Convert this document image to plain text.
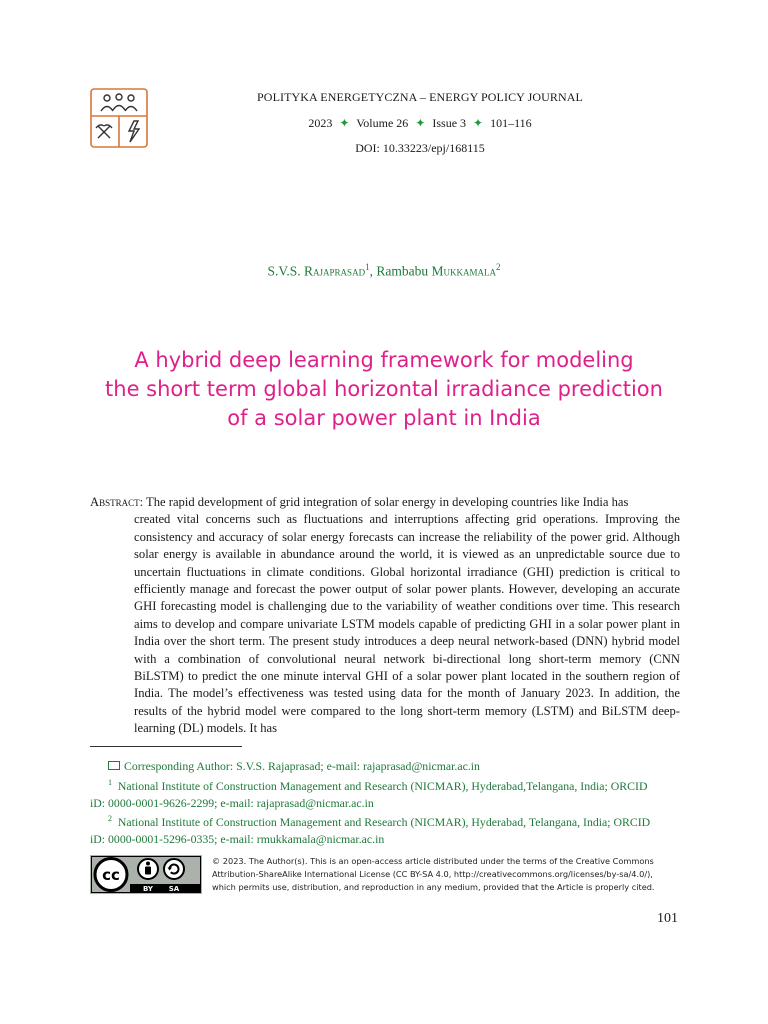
POLITYKA ENERGETYCZNA – ENERGY POLICY JOURNAL
2023 ✦ Volume 26 ✦ Issue 3 ✦ 101–116
DOI: 10.33223/epj/168115
S.V.S. Rajaprasad$^1$, Rambabu Mukkamala$^2$
A hybrid deep learning framework for modeling
the short term global horizontal irradiance prediction
of a solar power plant in India
Abstract: The rapid development of grid integration of solar energy in developing countries like India has
created vital concerns such as fluctuations and interruptions affecting grid operations. Improving the consistency and accuracy of solar energy forecasts can increase the reliability of the power grid. Although solar energy is available in abundance around the world, it is viewed as an unpredictable source due to uncertain fluctuations in climate conditions. Global horizontal irradiance (GHI) prediction is critical to efficiently manage and forecast the power output of solar power plants. However, developing an accurate GHI forecasting model is challenging due to the variability of weather conditions over time. This research aims to develop and compare univariate LSTM models capable of predicting GHI in a solar power plant in India over the short term. The present study introduces a deep neural network-based (DNN) hybrid model with a combination of convolutional neural network bi-directional long short-term memory (CNN BiLSTM) to predict the one minute interval GHI of a solar power plant located in the southern region of India. The model’s effectiveness was tested using data for the month of January 2023. In addition, the results of the hybrid model were compared to the long short-term memory (LSTM) and BiLSTM deep-learning (DL) models. It has
Corresponding Author: S.V.S. Rajaprasad; e-mail: rajaprasad@nicmar.ac.in
$^1$ National Institute of Construction Management and Research (NICMAR), Hyderabad,Telangana, India; ORCID
iD: 0000-0001-9626-2299; e-mail: rajaprasad@nicmar.ac.in
$^2$ National Institute of Construction Management and Research (NICMAR), Hyderabad, Telangana, India; ORCID
iD: 0000-0001-5296-0335; e-mail: rmukkamala@nicmar.ac.in
cc
BY SA
© 2023. The Author(s). This is an open-access article distributed under the terms of the Creative Commons
Attribution-ShareAlike International License (CC BY-SA 4.0, http://creativecommons.org/licenses/by-sa/4.0/),
which permits use, distribution, and reproduction in any medium, provided that the Article is properly cited.
101
